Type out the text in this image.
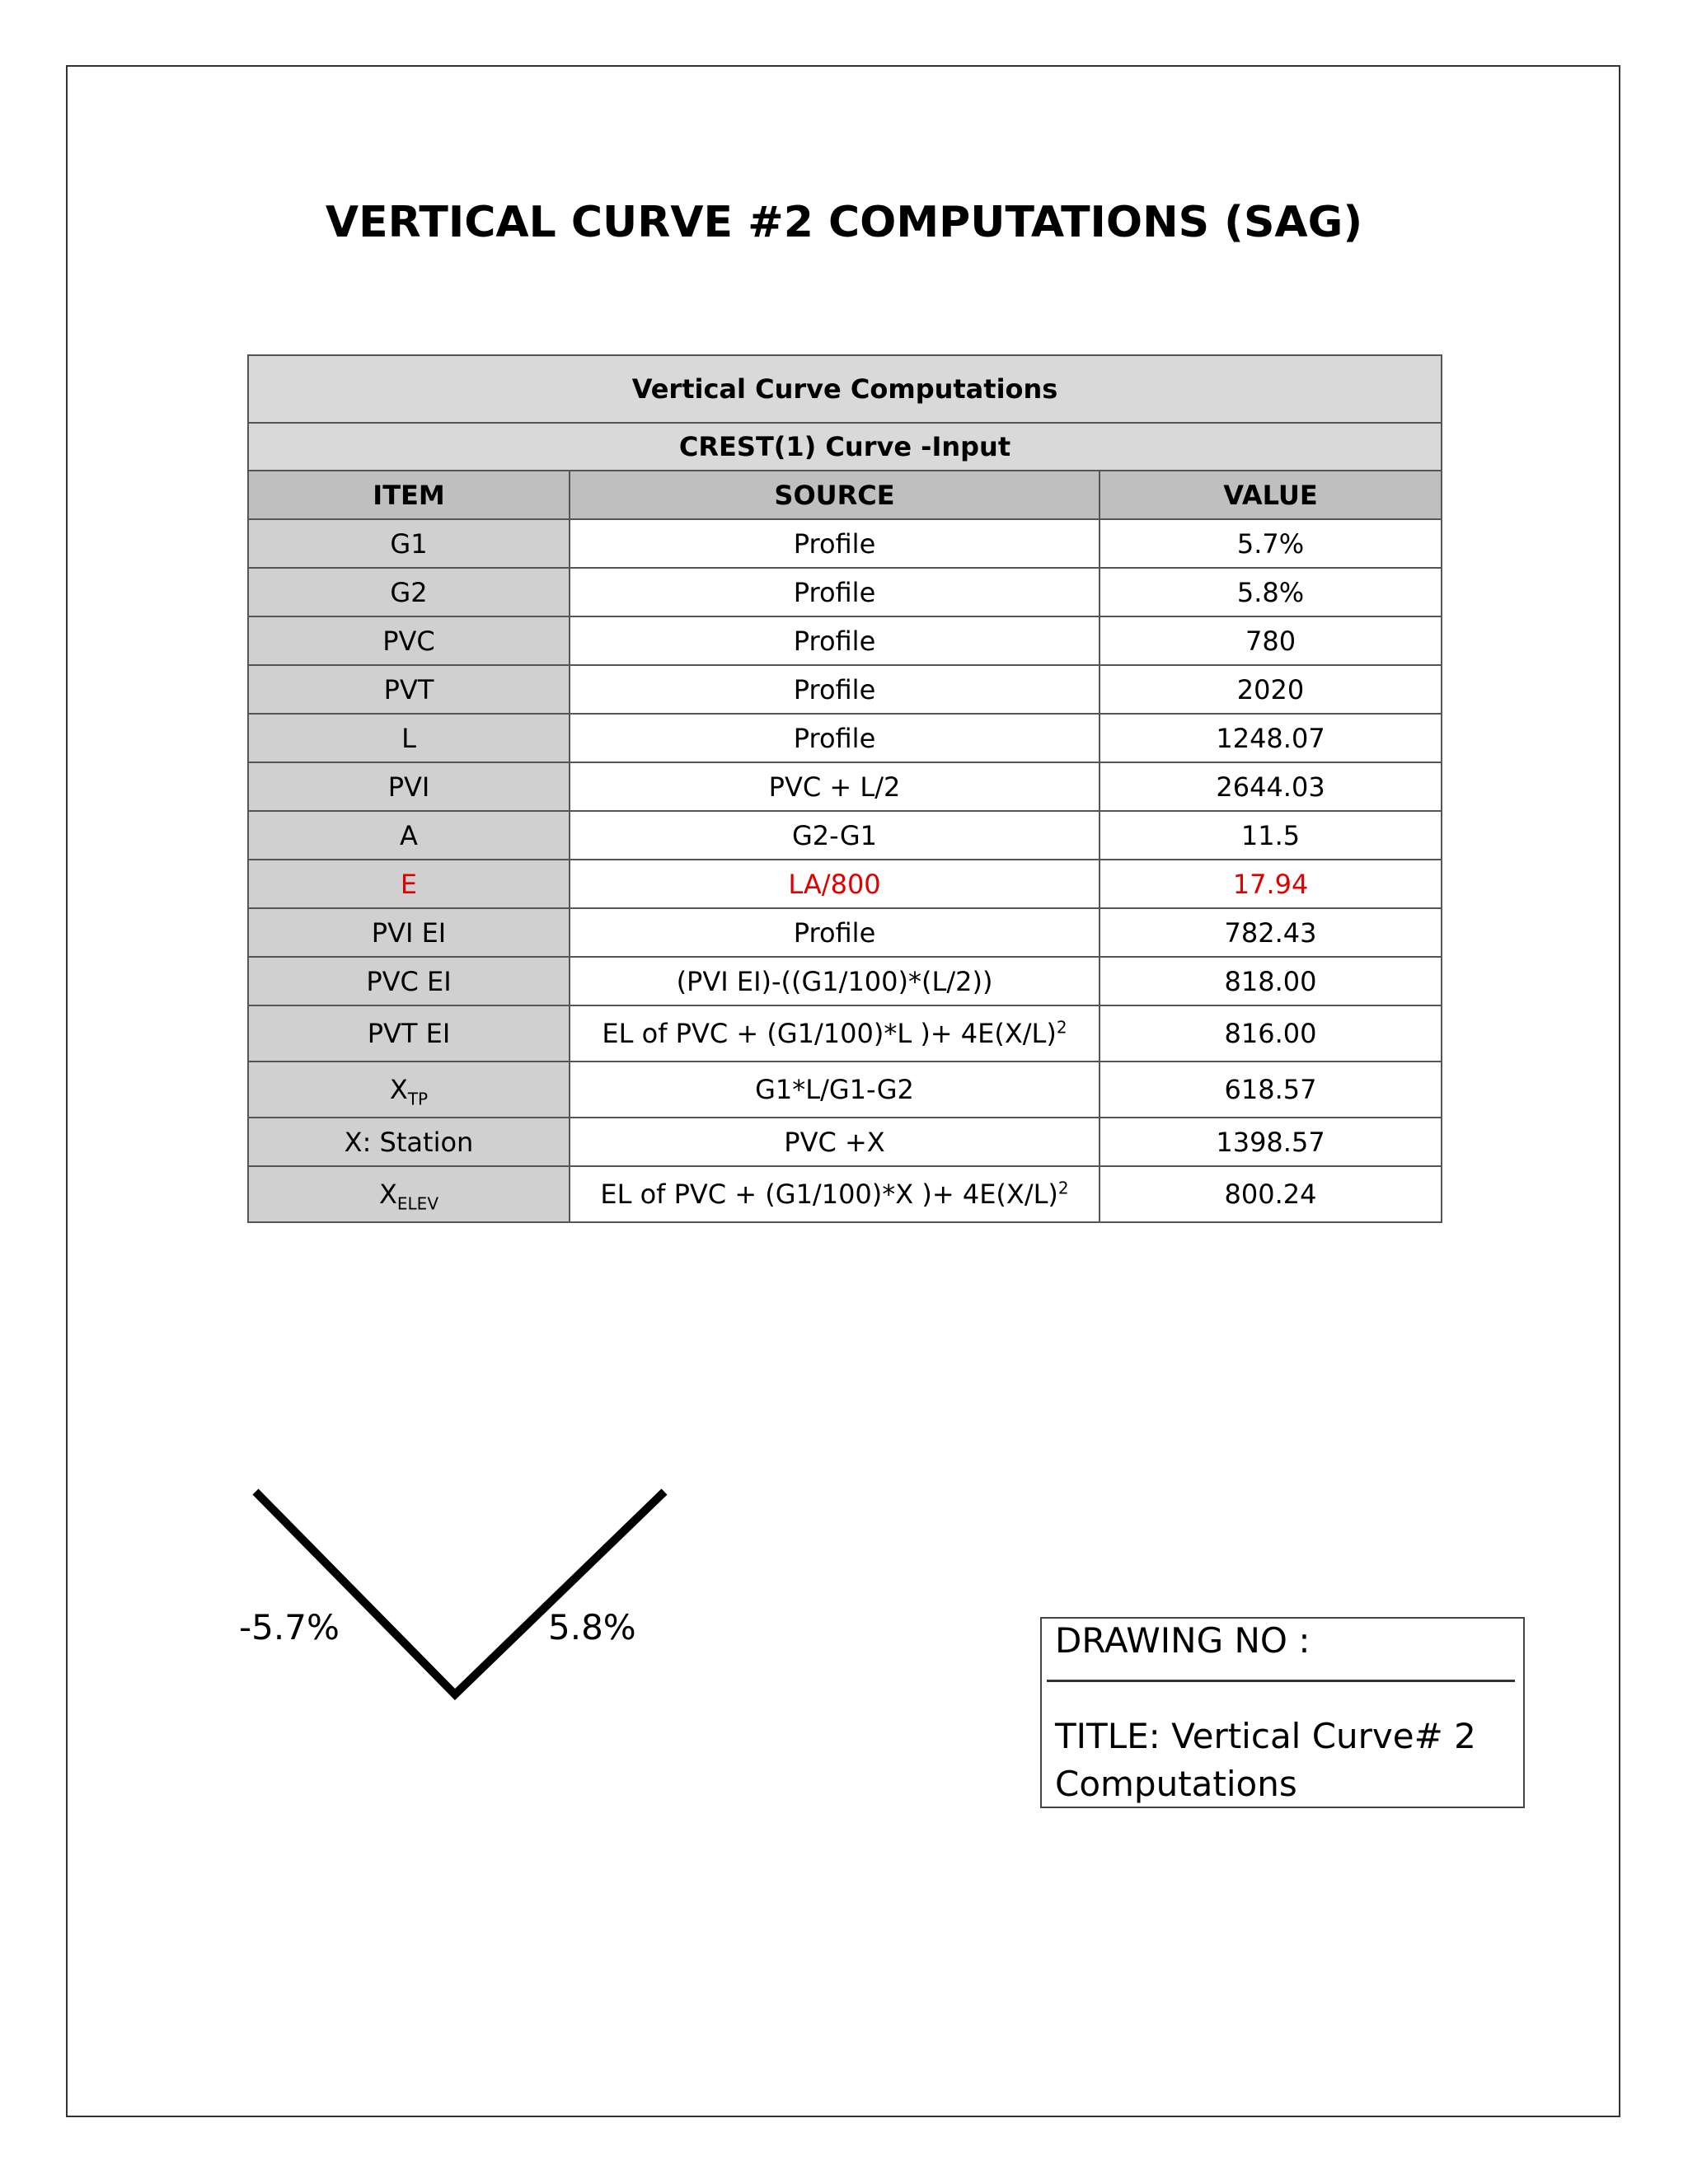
VERTICAL CURVE #2 COMPUTATIONS (SAG)
Vertical Curve Computations		
CREST(1) Curve -Input		
ITEM	SOURCE	VALUE
G1	Profile	5.7%
G2	Profile	5.8%
PVC	Profile	780
PVT	Profile	2020
L	Profile	1248.07
PVI	PVC + L/2	2644.03
A	G2-G1	11.5
E	LA/800	17.94
PVI EI	Profile	782.43
PVC EI	(PVI EI)-((G1/100)*(L/2))	818.00
PVT EI	EL of PVC + (G1/100)*L )+ $4E(X/L)^2$	816.00
$X_{TP}$	G1*L/G1-G2	618.57
X: Station	PVC +X	1398.57
$X_{ELEV}$	EL of PVC + (G1/100)*X )+ $4E(X/L)^2$	800.24
-5.7%	5.8%	DRAWING NO :
TITLE: Vertical Curve# 2 Computations
